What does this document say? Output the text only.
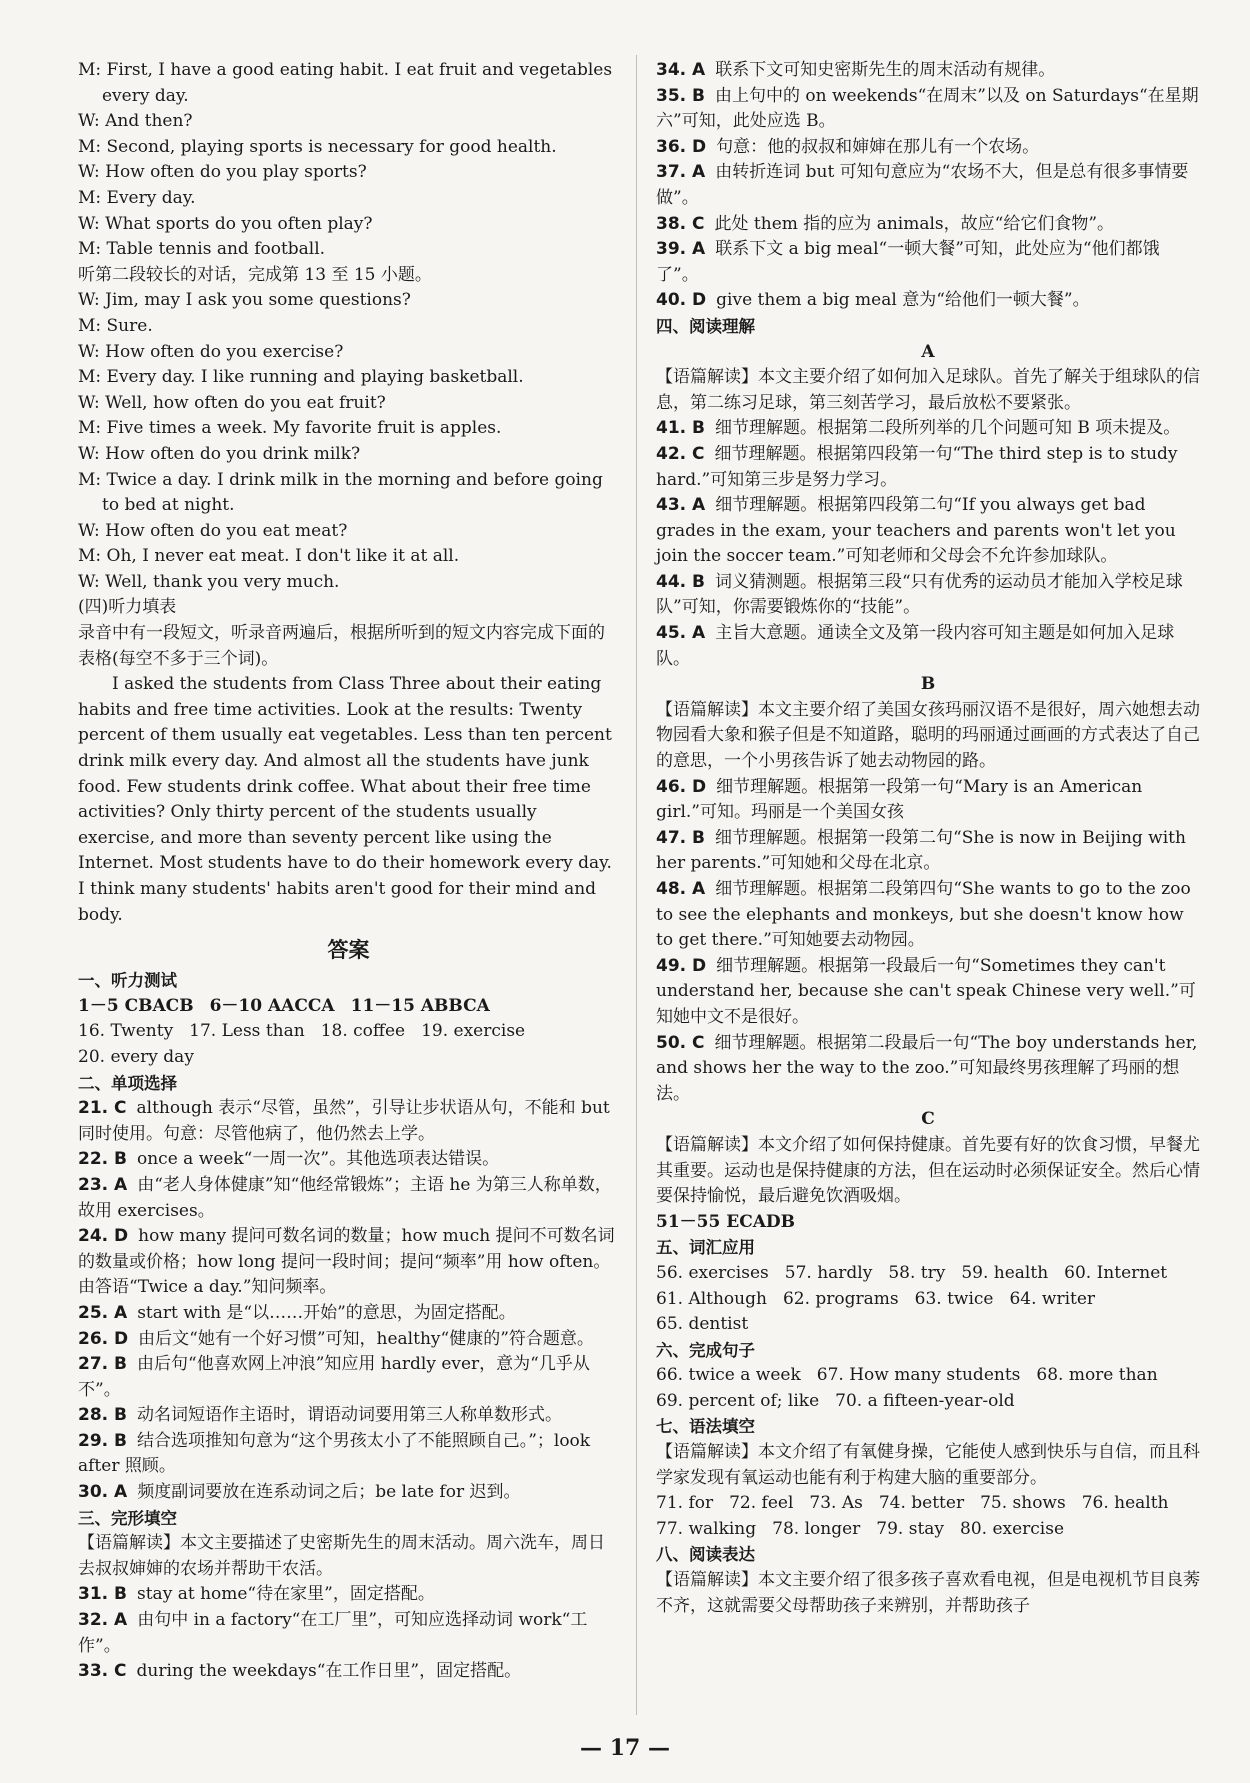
M: First, I have a good eating habit. I eat fruit and vegetables every day.

W: And then?

M: Second, playing sports is necessary for good health.

W: How often do you play sports?

M: Every day.

W: What sports do you often play?

M: Table tennis and football.

听第二段较长的对话，完成第 13 至 15 小题。

W: Jim, may I ask you some questions?

M: Sure.

W: How often do you exercise?

M: Every day. I like running and playing basketball.

W: Well, how often do you eat fruit?

M: Five times a week. My favorite fruit is apples.

W: How often do you drink milk?

M: Twice a day. I drink milk in the morning and before going to bed at night.

W: How often do you eat meat?

M: Oh, I never eat meat. I don't like it at all.

W: Well, thank you very much.

(四)听力填表

录音中有一段短文，听录音两遍后，根据所听到的短文内容完成下面的表格(每空不多于三个词)。

I asked the students from Class Three about their eating habits and free time activities. Look at the results: Twenty percent of them usually eat vegetables. Less than ten percent drink milk every day. And almost all the students have junk food. Few students drink coffee. What about their free time activities? Only thirty percent of the students usually exercise, and more than seventy percent like using the Internet. Most students have to do their homework every day. I think many students' habits aren't good for their mind and body.

答案

一、听力测试

1－5 CBACB 6－10 AACCA 11－15 ABBCA

16. Twenty 17. Less than 18. coffee 19. exercise

20. every day

二、单项选择

21. C although 表示“尽管，虽然”，引导让步状语从句，不能和 but 同时使用。句意：尽管他病了，他仍然去上学。

22. B once a week“一周一次”。其他选项表达错误。

23. A 由“老人身体健康”知“他经常锻炼”；主语 he 为第三人称单数，故用 exercises。

24. D how many 提问可数名词的数量；how much 提问不可数名词的数量或价格；how long 提问一段时间；提问“频率”用 how often。由答语“Twice a day.”知问频率。

25. A start with 是“以……开始”的意思，为固定搭配。

26. D 由后文“她有一个好习惯”可知，healthy“健康的”符合题意。

27. B 由后句“他喜欢网上冲浪”知应用 hardly ever，意为“几乎从不”。

28. B 动名词短语作主语时，谓语动词要用第三人称单数形式。

29. B 结合选项推知句意为“这个男孩太小了不能照顾自己。”；look after 照顾。

30. A 频度副词要放在连系动词之后；be late for 迟到。

三、完形填空

【语篇解读】本文主要描述了史密斯先生的周末活动。周六洗车，周日去叔叔婶婶的农场并帮助干农活。

31. B stay at home“待在家里”，固定搭配。

32. A 由句中 in a factory“在工厂里”，可知应选择动词 work“工作”。

33. C during the weekdays“在工作日里”，固定搭配。

34. A 联系下文可知史密斯先生的周末活动有规律。

35. B 由上句中的 on weekends“在周末”以及 on Saturdays“在星期六”可知，此处应选 B。

36. D 句意：他的叔叔和婶婶在那儿有一个农场。

37. A 由转折连词 but 可知句意应为“农场不大，但是总有很多事情要做”。

38. C 此处 them 指的应为 animals，故应“给它们食物”。

39. A 联系下文 a big meal“一顿大餐”可知，此处应为“他们都饿了”。

40. D give them a big meal 意为“给他们一顿大餐”。

四、阅读理解

A

【语篇解读】本文主要介绍了如何加入足球队。首先了解关于组球队的信息，第二练习足球，第三刻苦学习，最后放松不要紧张。

41. B 细节理解题。根据第二段所列举的几个问题可知 B 项未提及。

42. C 细节理解题。根据第四段第一句“The third step is to study hard.”可知第三步是努力学习。

43. A 细节理解题。根据第四段第二句“If you always get bad grades in the exam, your teachers and parents won't let you join the soccer team.”可知老师和父母会不允许参加球队。

44. B 词义猜测题。根据第三段“只有优秀的运动员才能加入学校足球队”可知，你需要锻炼你的“技能”。

45. A 主旨大意题。通读全文及第一段内容可知主题是如何加入足球队。

B

【语篇解读】本文主要介绍了美国女孩玛丽汉语不是很好，周六她想去动物园看大象和猴子但是不知道路，聪明的玛丽通过画画的方式表达了自己的意思，一个小男孩告诉了她去动物园的路。

46. D 细节理解题。根据第一段第一句“Mary is an American girl.”可知。玛丽是一个美国女孩

47. B 细节理解题。根据第一段第二句“She is now in Beijing with her parents.”可知她和父母在北京。

48. A 细节理解题。根据第二段第四句“She wants to go to the zoo to see the elephants and monkeys, but she doesn't know how to get there.”可知她要去动物园。

49. D 细节理解题。根据第一段最后一句“Sometimes they can't understand her, because she can't speak Chinese very well.”可知她中文不是很好。

50. C 细节理解题。根据第二段最后一句“The boy understands her, and shows her the way to the zoo.”可知最终男孩理解了玛丽的想法。

C

【语篇解读】本文介绍了如何保持健康。首先要有好的饮食习惯，早餐尤其重要。运动也是保持健康的方法，但在运动时必须保证安全。然后心情要保持愉悦，最后避免饮酒吸烟。

51－55 ECADB

五、词汇应用

56. exercises 57. hardly 58. try 59. health 60. Internet

61. Although 62. programs 63. twice 64. writer65. dentist

六、完成句子

66. twice a week 67. How many students 68. more than

69. percent of; like 70. a fifteen-year-old

七、语法填空

【语篇解读】本文介绍了有氧健身操，它能使人感到快乐与自信，而且科学家发现有氧运动也能有利于构建大脑的重要部分。

71. for 72. feel 73. As 74. better 75. shows 76. health

77. walking 78. longer 79. stay 80. exercise

八、阅读表达

【语篇解读】本文主要介绍了很多孩子喜欢看电视，但是电视机节目良莠不齐，这就需要父母帮助孩子来辨别，并帮助孩子

— 17 —
